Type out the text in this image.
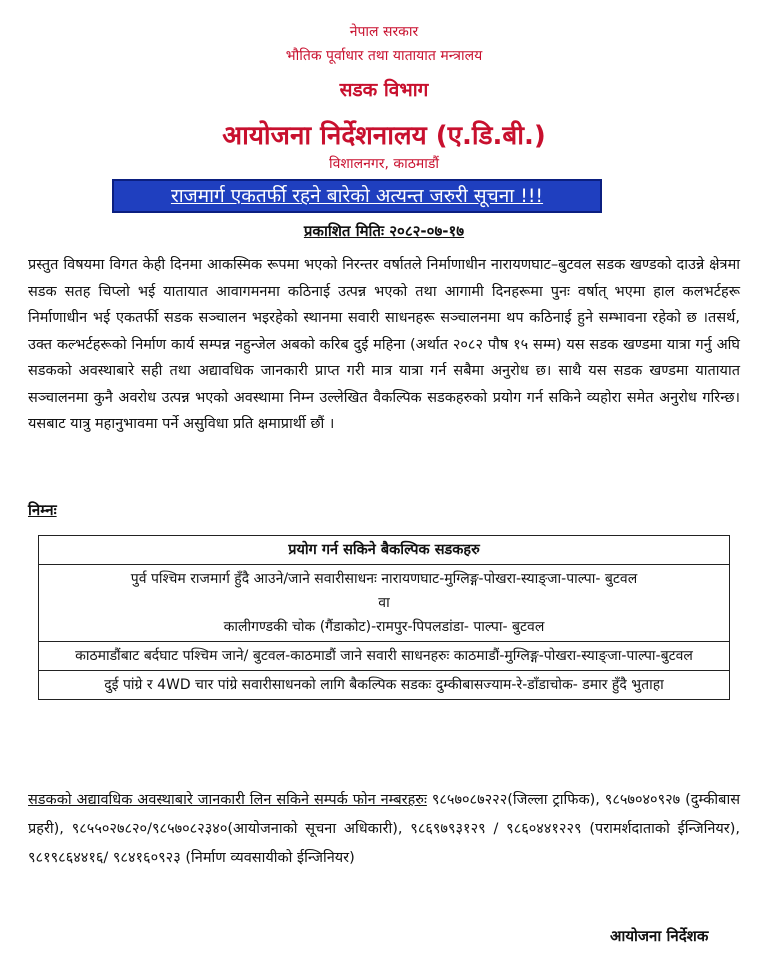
नेपाल सरकार
भौतिक पूर्वाधार तथा यातायात मन्त्रालय
सडक विभाग
आयोजना निर्देशनालय (ए.डि.बी.)
विशालनगर, काठमाडौं
राजमार्ग एकतर्फी रहने बारेको अत्यन्त जरुरी सूचना !!!
प्रकाशित मितिः २०८२-०७-१७
प्रस्तुत विषयमा विगत केही दिनमा आकस्मिक रूपमा भएको निरन्तर वर्षातले निर्माणाधीन नारायणघाट–बुटवल सडक खण्डको दाउन्ने क्षेत्रमा सडक सतह चिप्लो भई यातायात आवागमनमा कठिनाई उत्पन्न भएको तथा आगामी दिनहरूमा पुनः वर्षात् भएमा हाल कलभर्टहरू निर्माणाधीन भई एकतर्फी सडक सञ्चालन भइरहेको स्थानमा सवारी साधनहरू सञ्चालनमा थप कठिनाई हुने सम्भावना रहेको छ ।तसर्थ, उक्त कल्भर्टहरूको निर्माण कार्य सम्पन्न नहुन्जेल अबको करिब दुई महिना (अर्थात २०८२ पौष १५ सम्म) यस सडक खण्डमा यात्रा गर्नु अघि सडकको अवस्थाबारे सही तथा अद्यावधिक जानकारी प्राप्त गरी मात्र यात्रा गर्न सबैमा अनुरोध छ। साथै यस सडक खण्डमा यातायात सञ्चालनमा कुनै अवरोध उत्पन्न भएको अवस्थामा निम्न उल्लेखित वैकल्पिक सडकहरुको प्रयोग गर्न सकिने व्यहोरा समेत अनुरोध गरिन्छ। यसबाट यात्रु महानुभावमा पर्ने असुविधा प्रति क्षमाप्रार्थी छौं ।
निम्नः
प्रयोग गर्न सकिने बैकल्पिक सडकहरु

पुर्व पश्चिम राजमार्ग हुँदै आउने/जाने सवारीसाधनः नारायणघाट-मुग्लिङ्ग-पोखरा-स्याङ्जा-पाल्पा- बुटवल
वा
कालीगण्डकी चोक (गैंडाकोट)-रामपुर-पिपलडांडा- पाल्पा- बुटवल

काठमाडौंबाट बर्दघाट पश्चिम जाने/ बुटवल-काठमाडौं जाने सवारी साधनहरुः काठमाडौं-मुग्लिङ्ग-पोखरा-स्याङ्जा-पाल्पा-बुटवल
दुई पांग्रे र 4WD चार पांग्रे सवारीसाधनको लागि बैकल्पिक सडकः दुम्कीबासज्याम-रे-डाँडाचोक- डमार हुँदै भुताहा
सडकको अद्यावधिक अवस्थाबारे जानकारी लिन सकिने सम्पर्क फोन नम्बरहरुः ९८५७०८७२२२(जिल्ला ट्राफिक), ९८५७०४०९२७ (दुम्कीबास प्रहरी), ९८५५०२७८२०/९८५७०८२३४०(आयोजनाको सूचना अधिकारी), ९८६९७९३१२९ / ९८६०४४१२२९ (परामर्शदाताको ईन्जिनियर), ९८१९८६४४१६/ ९८४१६०९२३ (निर्माण व्यवसायीको ईन्जिनियर)
आयोजना निर्देशक
